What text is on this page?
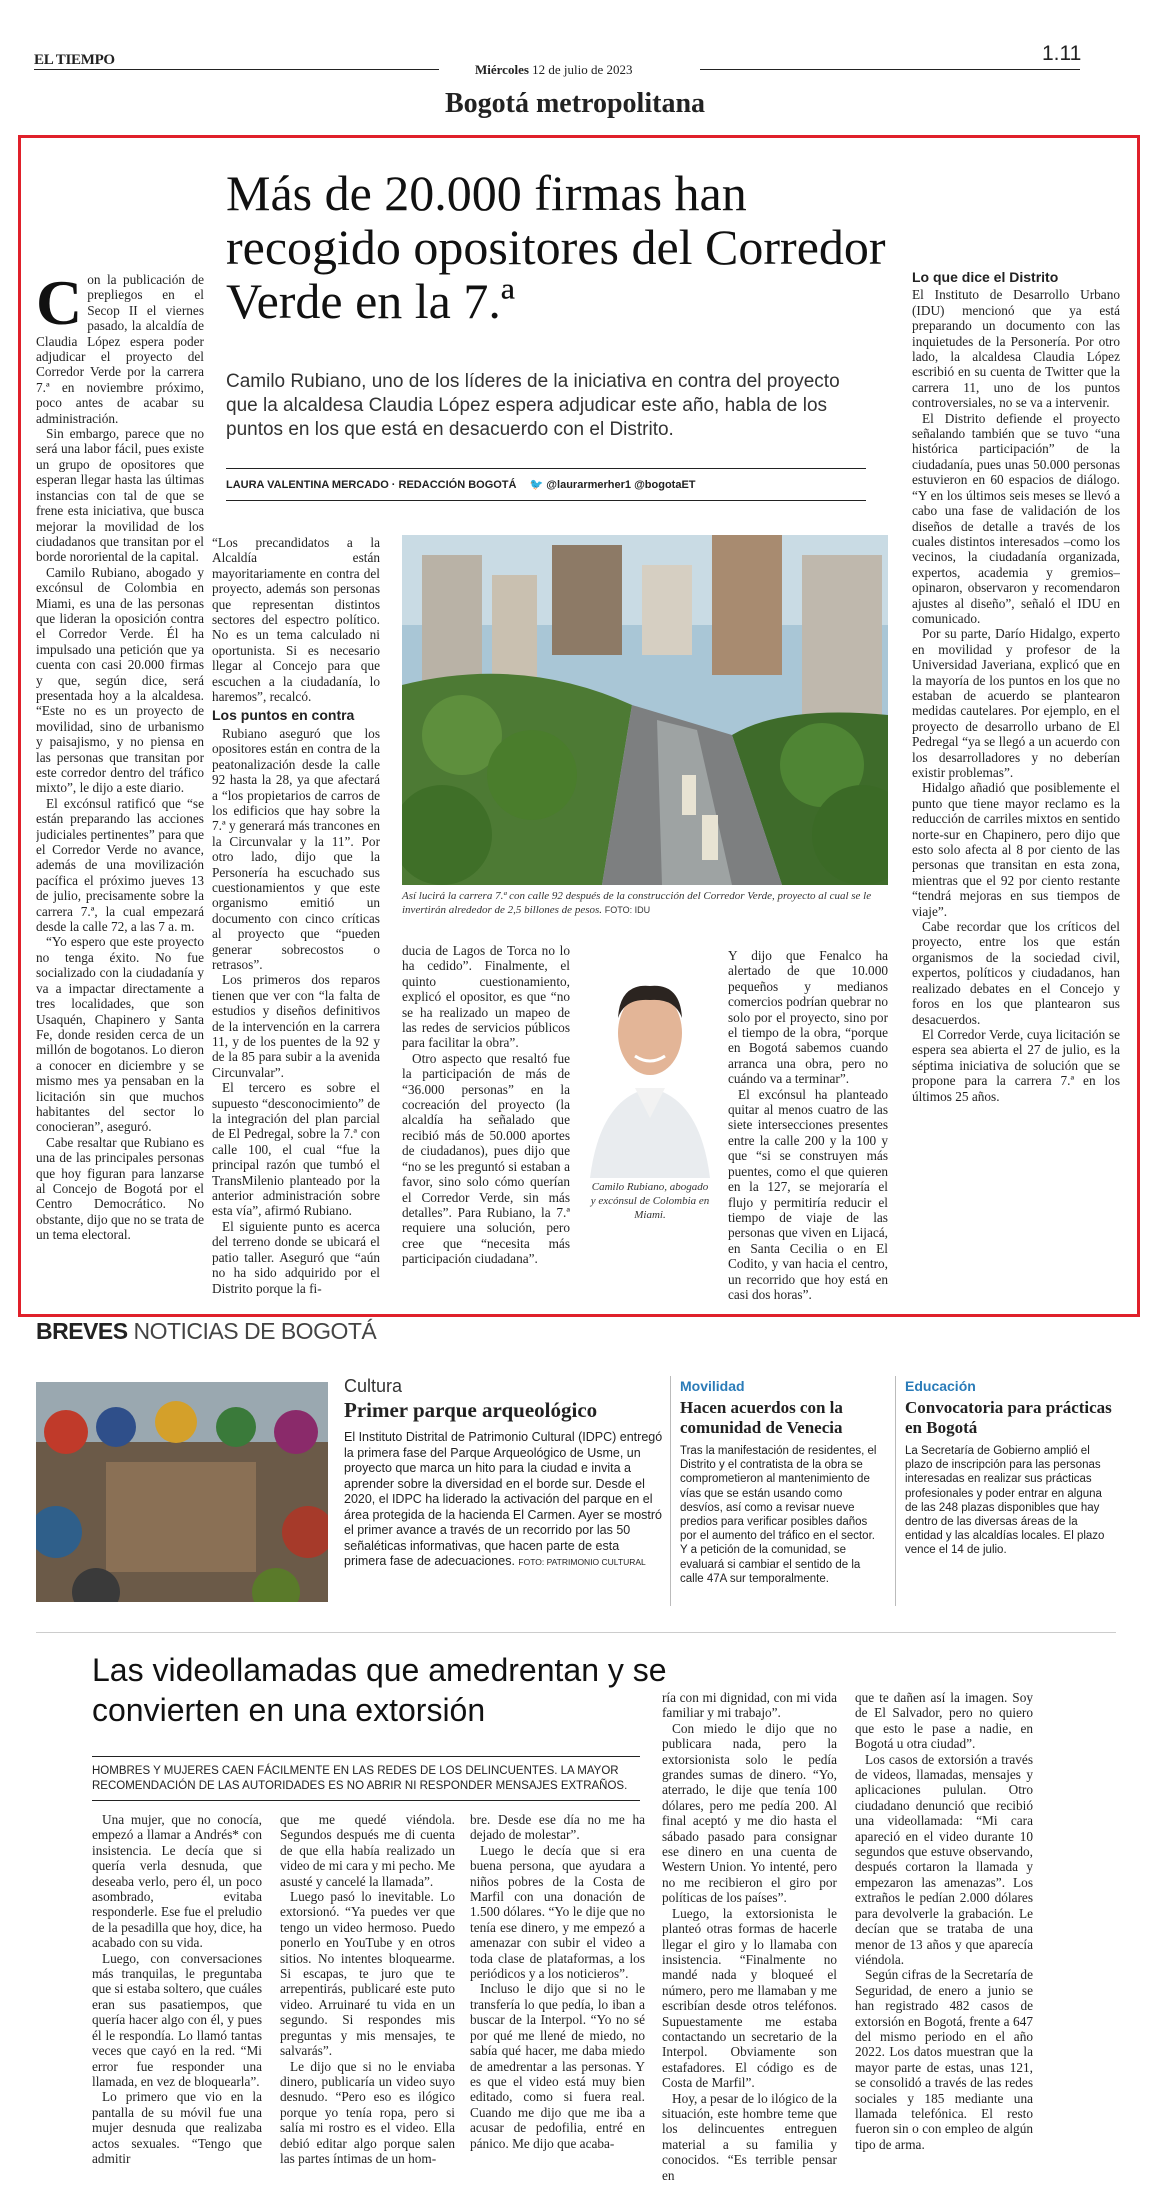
EL TIEMPO
Miércoles 12 de julio de 2023
1.11
Bogotá metropolitana
Más de 20.000 firmas han recogido opositores del Corredor Verde en la 7.ª
Camilo Rubiano, uno de los líderes de la iniciativa en contra del proyecto que la alcaldesa Claudia López espera adjudicar este año, habla de los puntos en los que está en desacuerdo con el Distrito.
LAURA VALENTINA MERCADO · REDACCIÓN BOGOTÁ 🐦 @laurarmerher1 @bogotaET
C on la publicación de prepliegos en el Secop II el viernes pasado, la alcaldía de Claudia López espera poder adjudicar el proyecto del Corredor Verde por la carrera 7.ª en noviembre próximo, poco antes de acabar su administración.

Sin embargo, parece que no será una labor fácil, pues existe un grupo de opositores que esperan llegar hasta las últimas instancias con tal de que se frene esta iniciativa, que busca mejorar la movilidad de los ciudadanos que transitan por el borde nororiental de la capital.

Camilo Rubiano, abogado y excónsul de Colombia en Miami, es una de las personas que lideran la oposición contra el Corredor Verde. Él ha impulsado una petición que ya cuenta con casi 20.000 firmas y que, según dice, será presentada hoy a la alcaldesa. “Este no es un proyecto de movilidad, sino de urbanismo y paisajismo, y no piensa en las personas que transitan por este corredor dentro del tráfico mixto”, le dijo a este diario.

El excónsul ratificó que “se están preparando las acciones judiciales pertinentes” para que el Corredor Verde no avance, además de una movilización pacífica el próximo jueves 13 de julio, precisamente sobre la carrera 7.ª, la cual empezará desde la calle 72, a las 7 a. m.

“Yo espero que este proyecto no tenga éxito. No fue socializado con la ciudadanía y va a impactar directamente a tres localidades, que son Usaquén, Chapinero y Santa Fe, donde residen cerca de un millón de bogotanos. Lo dieron a conocer en diciembre y se mismo mes ya pensaban en la licitación sin que muchos habitantes del sector lo conocieran”, aseguró.

Cabe resaltar que Rubiano es una de las principales personas que hoy figuran para lanzarse al Concejo de Bogotá por el Centro Democrático. No obstante, dijo que no se trata de un tema electoral.

“Los precandidatos a la Alcaldía están mayoritariamente en contra del proyecto, además son personas que representan distintos sectores del espectro político. No es un tema calculado ni oportunista. Si es necesario llegar al Concejo para que escuchen a la ciudadanía, lo haremos”, recalcó.

Los puntos en contra

Rubiano aseguró que los opositores están en contra de la peatonalización desde la calle 92 hasta la 28, ya que afectará a “los propietarios de carros de los edificios que hay sobre la 7.ª y generará más trancones en la Circunvalar y la 11”. Por otro lado, dijo que la Personería ha escuchado sus cuestionamientos y que este organismo emitió un documento con cinco críticas al proyecto que “pueden generar sobrecostos o retrasos”.

Los primeros dos reparos tienen que ver con “la falta de estudios y diseños definitivos de la intervención en la carrera 11, y de los puentes de la 92 y de la 85 para subir a la avenida Circunvalar”.

El tercero es sobre el supuesto “desconocimiento” de la integración del plan parcial de El Pedregal, sobre la 7.ª con calle 100, el cual “fue la principal razón que tumbó el TransMilenio planteado por la anterior administración sobre esta vía”, afirmó Rubiano.

El siguiente punto es acerca del terreno donde se ubicará el patio taller. Aseguró que “aún no ha sido adquirido por el Distrito porque la fi-

Así lucirá la carrera 7.ª con calle 92 después de la construcción del Corredor Verde, proyecto al cual se le invertirán alrededor de 2,5 billones de pesos. FOTO: IDU

ducia de Lagos de Torca no lo ha cedido”. Finalmente, el quinto cuestionamiento, explicó el opositor, es que “no se ha realizado un mapeo de las redes de servicios públicos para facilitar la obra”.

Otro aspecto que resaltó fue la participación de más de “36.000 personas” en la cocreación del proyecto (la alcaldía ha señalado que recibió más de 50.000 aportes de ciudadanos), pues dijo que “no se les preguntó si estaban a favor, sino solo cómo querían el Corredor Verde, sin más detalles”. Para Rubiano, la 7.ª requiere una solución, pero cree que “necesita más participación ciudadana”.

Camilo Rubiano, abogado y excónsul de Colombia en Miami.

Y dijo que Fenalco ha alertado de que 10.000 pequeños y medianos comercios podrían quebrar no solo por el proyecto, sino por el tiempo de la obra, “porque en Bogotá sabemos cuando arranca una obra, pero no cuándo va a terminar”.

El excónsul ha planteado quitar al menos cuatro de las siete intersecciones presentes entre la calle 200 y la 100 y que “si se construyen más puentes, como el que quieren en la 127, se mejoraría el flujo y permitiría reducir el tiempo de viaje de las personas que viven en Lijacá, en Santa Cecilia o en El Codito, y van hacia el centro, un recorrido que hoy está en casi dos horas”.

Lo que dice el Distrito

El Instituto de Desarrollo Urbano (IDU) mencionó que ya está preparando un documento con las inquietudes de la Personería. Por otro lado, la alcaldesa Claudia López escribió en su cuenta de Twitter que la carrera 11, uno de los puntos controversiales, no se va a intervenir.

El Distrito defiende el proyecto señalando también que se tuvo “una histórica participación” de la ciudadanía, pues unas 50.000 personas estuvieron en 60 espacios de diálogo. “Y en los últimos seis meses se llevó a cabo una fase de validación de los diseños de detalle a través de los cuales distintos interesados –como los vecinos, la ciudadanía organizada, expertos, academia y gremios– opinaron, observaron y recomendaron ajustes al diseño”, señaló el IDU en comunicado.

Por su parte, Darío Hidalgo, experto en movilidad y profesor de la Universidad Javeriana, explicó que en la mayoría de los puntos en los que no estaban de acuerdo se plantearon medidas cautelares. Por ejemplo, en el proyecto de desarrollo urbano de El Pedregal “ya se llegó a un acuerdo con los desarrolladores y no deberían existir problemas”.

Hidalgo añadió que posiblemente el punto que tiene mayor reclamo es la reducción de carriles mixtos en sentido norte-sur en Chapinero, pero dijo que esto solo afecta al 8 por ciento de las personas que transitan en esta zona, mientras que el 92 por ciento restante “tendrá mejoras en sus tiempos de viaje”.

Cabe recordar que los críticos del proyecto, entre los que están organismos de la sociedad civil, expertos, políticos y ciudadanos, han realizado debates en el Concejo y foros en los que plantearon sus desacuerdos.

El Corredor Verde, cuya licitación se espera sea abierta el 27 de julio, es la séptima iniciativa de solución que se propone para la carrera 7.ª en los últimos 25 años.

BREVES NOTICIAS DE BOGOTÁ
Cultura
Primer parque arqueológico
El Instituto Distrital de Patrimonio Cultural (IDPC) entregó la primera fase del Parque Arqueológico de Usme, un proyecto que marca un hito para la ciudad e invita a aprender sobre la diversidad en el borde sur. Desde el 2020, el IDPC ha liderado la activación del parque en el área protegida de la hacienda El Carmen. Ayer se mostró el primer avance a través de un recorrido por las 50 señaléticas informativas, que hacen parte de esta primera fase de adecuaciones. FOTO: PATRIMONIO CULTURAL
Movilidad
Hacen acuerdos con la comunidad de Venecia
Tras la manifestación de residentes, el Distrito y el contratista de la obra se comprometieron al mantenimiento de vías que se están usando como desvíos, así como a revisar nueve predios para verificar posibles daños por el aumento del tráfico en el sector. Y a petición de la comunidad, se evaluará si cambiar el sentido de la calle 47A sur temporalmente.
Educación
Convocatoria para prácticas en Bogotá
La Secretaría de Gobierno amplió el plazo de inscripción para las personas interesadas en realizar sus prácticas profesionales y poder entrar en alguna de las 248 plazas disponibles que hay dentro de las diversas áreas de la entidad y las alcaldías locales. El plazo vence el 14 de julio.
Las videollamadas que amedrentan y se convierten en una extorsión
HOMBRES Y MUJERES CAEN FÁCILMENTE EN LAS REDES DE LOS DELINCUENTES. LA MAYOR RECOMENDACIÓN DE LAS AUTORIDADES ES NO ABRIR NI RESPONDER MENSAJES EXTRAÑOS.

Una mujer, que no conocía, empezó a llamar a Andrés* con insistencia. Le decía que si quería verla desnuda, que deseaba verlo, pero él, un poco asombrado, evitaba responderle. Ese fue el preludio de la pesadilla que hoy, dice, ha acabado con su vida.

Luego, con conversaciones más tranquilas, le preguntaba que si estaba soltero, que cuáles eran sus pasatiempos, que quería hacer algo con él, y pues él le respondía. Lo llamó tantas veces que cayó en la red. “Mi error fue responder una llamada, en vez de bloquearla”.

Lo primero que vio en la pantalla de su móvil fue una mujer desnuda que realizaba actos sexuales. “Tengo que admitir

que me quedé viéndola. Segundos después me di cuenta de que ella había realizado un video de mi cara y mi pecho. Me asusté y cancelé la llamada”.

Luego pasó lo inevitable. Lo extorsionó. “Ya puedes ver que tengo un video hermoso. Puedo ponerlo en YouTube y en otros sitios. No intentes bloquearme. Si escapas, te juro que te arrepentirás, publicaré este puto video. Arruinaré tu vida en un segundo. Si respondes mis preguntas y mis mensajes, te salvarás”.

Le dijo que si no le enviaba dinero, publicaría un video suyo desnudo. “Pero eso es ilógico porque yo tenía ropa, pero si salía mi rostro es el video. Ella debió editar algo porque salen las partes íntimas de un hom-

bre. Desde ese día no me ha dejado de molestar”.

Luego le decía que si era buena persona, que ayudara a niños pobres de la Costa de Marfil con una donación de 1.500 dólares. “Yo le dije que no tenía ese dinero, y me empezó a amenazar con subir el video a toda clase de plataformas, a los periódicos y a los noticieros”.

Incluso le dijo que si no le transfería lo que pedía, lo iban a buscar de la Interpol. “Yo no sé por qué me llené de miedo, no sabía qué hacer, me daba miedo de amedrentar a las personas. Y es que el video está muy bien editado, como si fuera real. Cuando me dijo que me iba a acusar de pedofilia, entré en pánico. Me dijo que acaba-

ría con mi dignidad, con mi vida familiar y mi trabajo”.

Con miedo le dijo que no publicara nada, pero la extorsionista solo le pedía grandes sumas de dinero. “Yo, aterrado, le dije que tenía 100 dólares, pero me pedía 200. Al final aceptó y me dio hasta el sábado pasado para consignar ese dinero en una cuenta de Western Union. Yo intenté, pero no me recibieron el giro por políticas de los países”.

Luego, la extorsionista le planteó otras formas de hacerle llegar el giro y lo llamaba con insistencia. “Finalmente no mandé nada y bloqueé el número, pero me llamaban y me escribían desde otros teléfonos. Supuestamente me estaba contactando un secretario de la Interpol. Obviamente son estafadores. El código es de Costa de Marfil”.

Hoy, a pesar de lo ilógico de la situación, este hombre teme que los delincuentes entreguen material a su familia y conocidos. “Es terrible pensar en

que te dañen así la imagen. Soy de El Salvador, pero no quiero que esto le pase a nadie, en Bogotá u otra ciudad”.

Los casos de extorsión a través de videos, llamadas, mensajes y aplicaciones pululan. Otro ciudadano denunció que recibió una videollamada: “Mi cara apareció en el video durante 10 segundos que estuve observando, después cortaron la llamada y empezaron las amenazas”. Los extraños le pedían 2.000 dólares para devolverle la grabación. Le decían que se trataba de una menor de 13 años y que aparecía viéndola.

Según cifras de la Secretaría de Seguridad, de enero a junio se han registrado 482 casos de extorsión en Bogotá, frente a 647 del mismo periodo en el año 2022. Los datos muestran que la mayor parte de estas, unas 121, se consolidó a través de las redes sociales y 185 mediante una llamada telefónica. El resto fueron sin o con empleo de algún tipo de arma.
